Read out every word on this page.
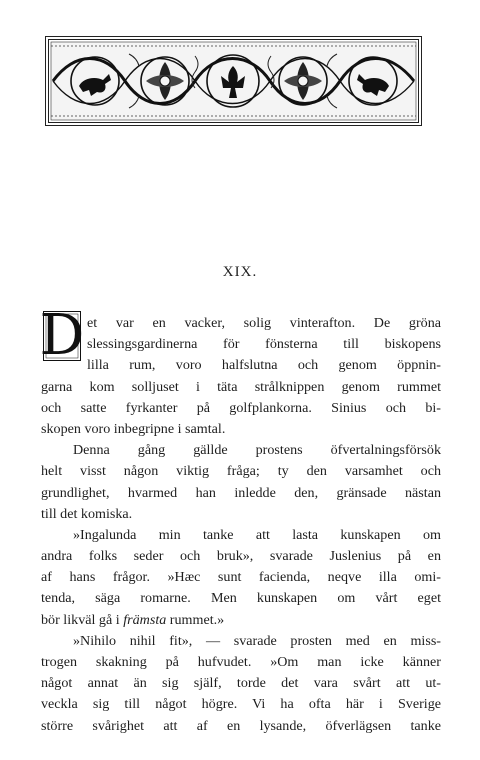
XIX.
D et var en vacker, solig vinterafton. De gröna
slessingsgardinerna för fönsterna till biskopens
lilla rum, voro halfslutna och genom öppnin-
garna kom solljuset i täta strålknippen genom rummet
och satte fyrkanter på golfplankorna. Sinius och bi-
skopen voro inbegripne i samtal.
Denna gång gällde prostens öfvertalningsförsök
helt visst någon viktig fråga; ty den varsamhet och
grundlighet, hvarmed han inledde den, gränsade nästan
till det komiska.
»Ingalunda min tanke att lasta kunskapen om
andra folks seder och bruk», svarade Juslenius på en
af hans frågor. »Hæc sunt facienda, neqve illa omi-
tenda, säga romarne. Men kunskapen om vårt eget
bör likväl gå i främsta rummet.»
»Nihilo nihil fit», — svarade prosten med en miss-
trogen skakning på hufvudet. »Om man icke känner
något annat än sig själf, torde det vara svårt att ut-
veckla sig till något högre. Vi ha ofta här i Sverige
större svårighet att af en lysande, öfverlägsen tanke
